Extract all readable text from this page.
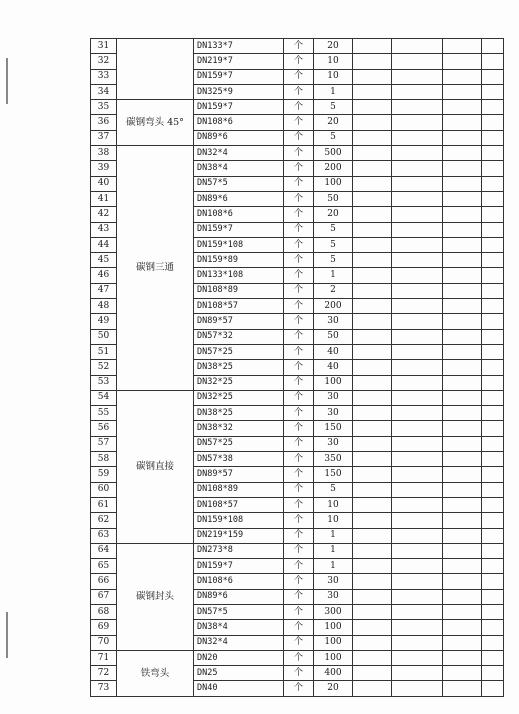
31		DN133*7	个	20				
32		DN219*7	个	10				
33		DN159*7	个	10				
34		DN325*9	个	1				
35	碳钢弯头 45°	DN159*7	个	5				
36		DN108*6	个	20				
37		DN89*6	个	5				
38	碳钢三通	DN32*4	个	500				
39		DN38*4	个	200				
40		DN57*5	个	100				
41		DN89*6	个	50				
42		DN108*6	个	20				
43		DN159*7	个	5				
44		DN159*108	个	5				
45		DN159*89	个	5				
46		DN133*108	个	1				
47		DN108*89	个	2				
48		DN108*57	个	200				
49		DN89*57	个	30				
50		DN57*32	个	50				
51		DN57*25	个	40				
52		DN38*25	个	40				
53		DN32*25	个	100				
54	碳钢直接	DN32*25	个	30				
55		DN38*25	个	30				
56		DN38*32	个	150				
57		DN57*25	个	30				
58		DN57*38	个	350				
59		DN89*57	个	150				
60		DN108*89	个	5				
61		DN108*57	个	10				
62		DN159*108	个	10				
63		DN219*159	个	1				
64	碳钢封头	DN273*8	个	1				
65		DN159*7	个	1				
66		DN108*6	个	30				
67		DN89*6	个	30				
68		DN57*5	个	300				
69		DN38*4	个	100				
70		DN32*4	个	100				
71	铁弯头	DN20	个	100				
72		DN25	个	400				
73		DN40	个	20				
